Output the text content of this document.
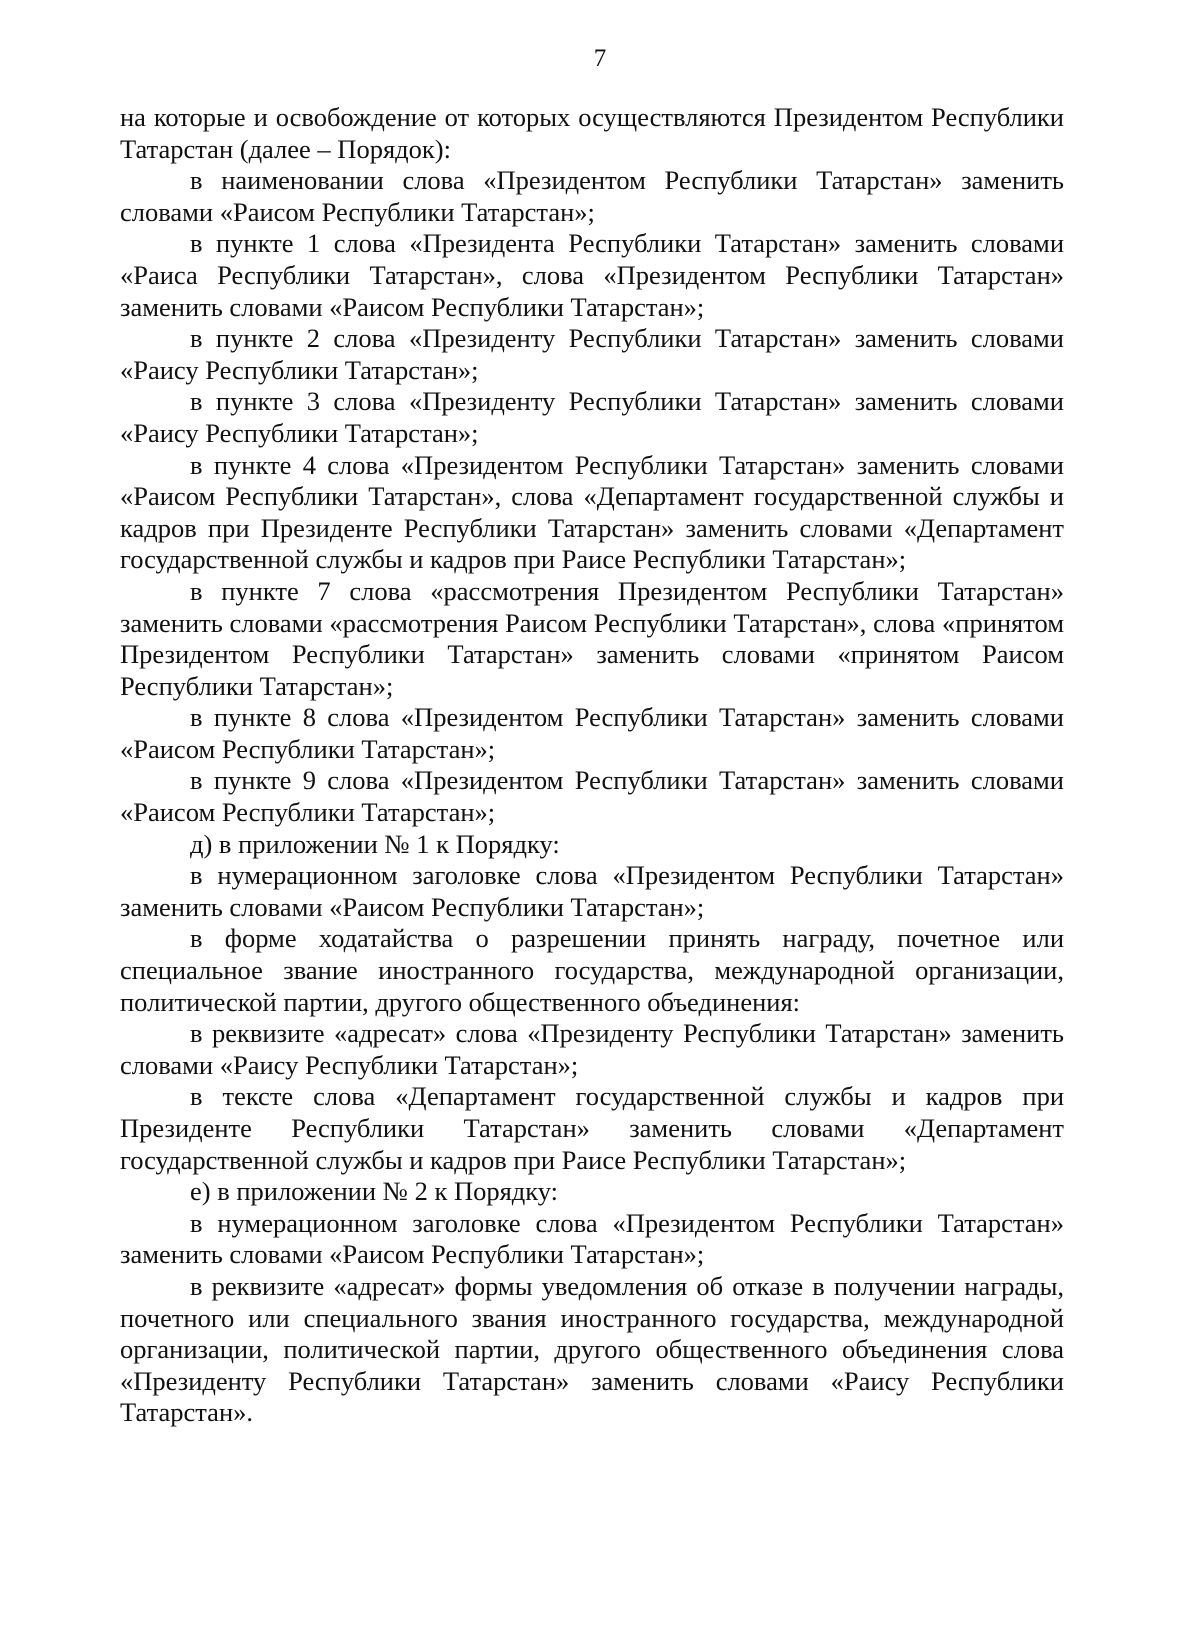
7

на которые и освобождение от которых осуществляются Президентом Республики Татарстан (далее – Порядок):

в наименовании слова «Президентом Республики Татарстан» заменить словами «Раисом Республики Татарстан»;

в пункте 1 слова «Президента Республики Татарстан» заменить словами «Раиса Республики Татарстан», слова «Президентом Республики Татарстан» заменить словами «Раисом Республики Татарстан»;

в пункте 2 слова «Президенту Республики Татарстан» заменить словами «Раису Республики Татарстан»;

в пункте 3 слова «Президенту Республики Татарстан» заменить словами «Раису Республики Татарстан»;

в пункте 4 слова «Президентом Республики Татарстан» заменить словами «Раисом Республики Татарстан», слова «Департамент государственной службы и кадров при Президенте Республики Татарстан» заменить словами «Департамент государственной службы и кадров при Раисе Республики Татарстан»;

в пункте 7 слова «рассмотрения Президентом Республики Татарстан» заменить словами «рассмотрения Раисом Республики Татарстан», слова «принятом Президентом Республики Татарстан» заменить словами «принятом Раисом Республики Татарстан»;

в пункте 8 слова «Президентом Республики Татарстан» заменить словами «Раисом Республики Татарстан»;

в пункте 9 слова «Президентом Республики Татарстан» заменить словами «Раисом Республики Татарстан»;

д) в приложении № 1 к Порядку:

в нумерационном заголовке слова «Президентом Республики Татарстан» заменить словами «Раисом Республики Татарстан»;

в форме ходатайства о разрешении принять награду, почетное или специальное звание иностранного государства, международной организации, политической партии, другого общественного объединения:

в реквизите «адресат» слова «Президенту Республики Татарстан» заменить словами «Раису Республики Татарстан»;

в тексте слова «Департамент государственной службы и кадров при Президенте Республики Татарстан» заменить словами «Департамент государственной службы и кадров при Раисе Республики Татарстан»;

е) в приложении № 2 к Порядку:

в нумерационном заголовке слова «Президентом Республики Татарстан» заменить словами «Раисом Республики Татарстан»;

в реквизите «адресат» формы уведомления об отказе в получении награды, почетного или специального звания иностранного государства, международной организации, политической партии, другого общественного объединения слова «Президенту Республики Татарстан» заменить словами «Раису Республики Татарстан».
